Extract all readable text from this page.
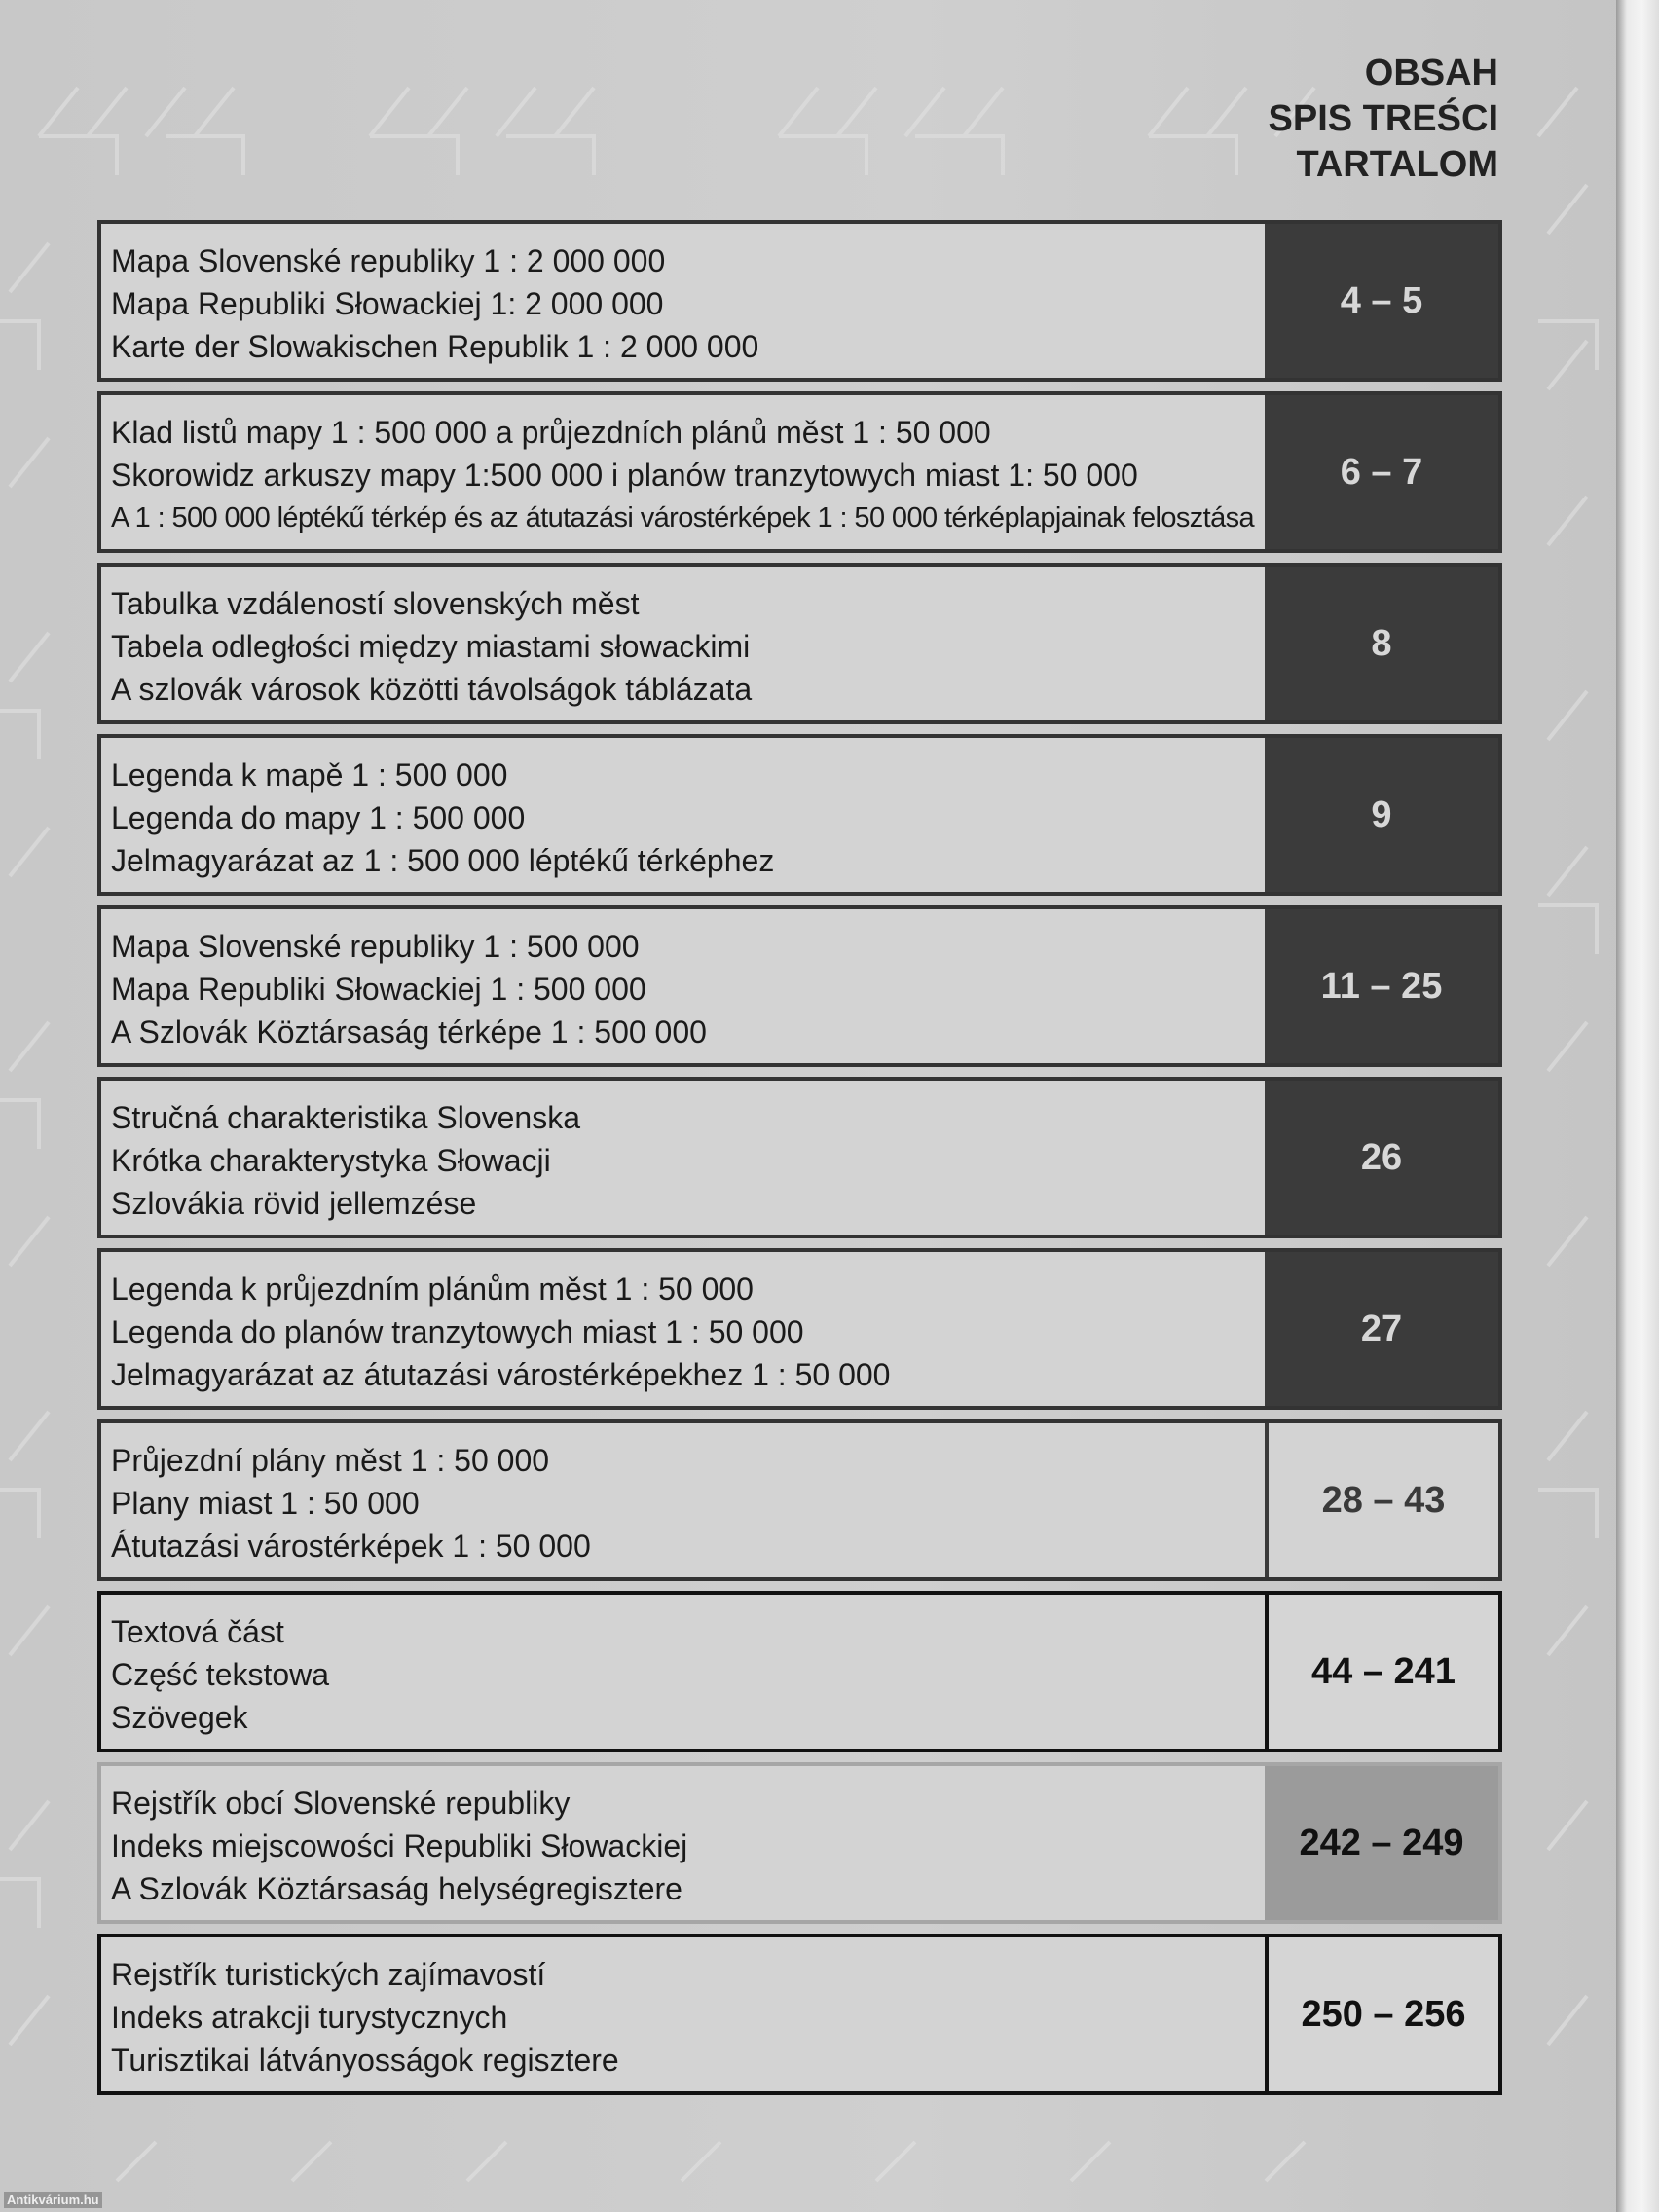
OBSAH
SPIS TREŚCI
TARTALOM
Mapa Slovenské republiky 1 : 2 000 000
Mapa Republiki Słowackiej 1: 2 000 000
Karte der Slowakischen Republik 1 : 2 000 000
4 – 5
Klad listů mapy 1 : 500 000 a průjezdních plánů měst 1 : 50 000
Skorowidz arkuszy mapy 1:500 000 i planów tranzytowych miast 1: 50 000
A 1 : 500 000 léptékű térkép és az átutazási várostérképek 1 : 50 000 térképlapjainak felosztása
6 – 7
Tabulka vzdáleností slovenských měst
Tabela odległości między miastami słowackimi
A szlovák városok közötti távolságok táblázata
8
Legenda k mapě 1 : 500 000
Legenda do mapy 1 : 500 000
Jelmagyarázat az 1 : 500 000 léptékű térképhez
9
Mapa Slovenské republiky 1 : 500 000
Mapa Republiki Słowackiej 1 : 500 000
A Szlovák Köztársaság térképe 1 : 500 000
11 – 25
Stručná charakteristika Slovenska
Krótka charakterystyka Słowacji
Szlovákia rövid jellemzése
26
Legenda k průjezdním plánům měst 1 : 50 000
Legenda do planów tranzytowych miast 1 : 50 000
Jelmagyarázat az átutazási várostérképekhez 1 : 50 000
27
Průjezdní plány měst 1 : 50 000
Plany miast 1 : 50 000
Átutazási várostérképek 1 : 50 000
28 – 43
Textová část
Część tekstowa
Szövegek
44 – 241
Rejstřík obcí Slovenské republiky
Indeks miejscowości Republiki Słowackiej
A Szlovák Köztársaság helységregisztere
242 – 249
Rejstřík turistických zajímavostí
Indeks atrakcji turystycznych
Turisztikai látványosságok regisztere
250 – 256
Antikvárium.hu
